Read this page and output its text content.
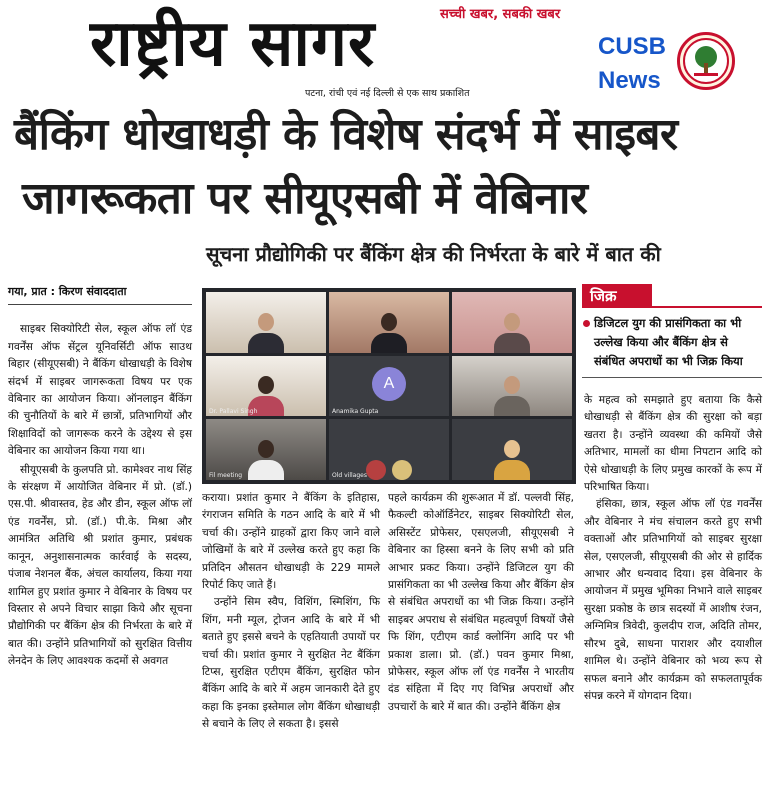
सच्ची खबर, सबकी खबर
राष्ट्रीय सागर
पटना, रांची एवं नई दिल्ली से एक साथ प्रकाशित
CUSB
News
बैंकिंग धोखाधड़ी के विशेष संदर्भ में साइबर
जागरूकता पर सीयूएसबी में वेबिनार
सूचना प्रौद्योगिकी पर बैंकिंग क्षेत्र की निर्भरता के बारे में बात की
गया, प्रात : किरण संवाददाता

साइबर सिक्योरिटी सेल, स्कूल ऑफ लॉ एंड गवर्नेंस ऑफ सेंट्रल यूनिवर्सिटी ऑफ साउथ बिहार (सीयूएसबी) ने बैंकिंग धोखाधड़ी के विशेष संदर्भ में साइबर जागरूकता विषय पर एक वेबिनार का आयोजन किया। ऑनलाइन बैंकिंग की चुनौतियों के बारे में छात्रों, प्रतिभागियों और शिक्षाविदों को जागरूक करने के उद्देश्य से इस वेबिनार का आयोजन किया गया था।

सीयूएसबी के कुलपति प्रो. कामेश्वर नाथ सिंह के संरक्षण में आयोजित वेबिनार में प्रो. (डॉ.) एस.पी. श्रीवास्तव, हेड और डीन, स्कूल ऑफ लॉ एंड गवर्नेंस, प्रो. (डॉ.) पी.के. मिश्रा और आमंत्रित अतिथि श्री प्रशांत कुमार, प्रबंधक कानून, अनुशासनात्मक कार्रवाई के सदस्य, पंजाब नेशनल बैंक, अंचल कार्यालय, किया गया शामिल हुए प्रशांत कुमार ने वेबिनार के विषय पर विस्तार से अपने विचार साझा किये और सूचना प्रौद्योगिकी पर बैंकिंग क्षेत्र की निर्भरता के बारे में बात की। उन्होंने प्रतिभागियों को सुरक्षित वित्तीय लेनदेन के लिए आवश्यक कदमों से अवगत

Dr. Pallavi Singh
A
Anamika Gupta
Fil meeting	Old villages

कराया। प्रशांत कुमार ने बैंकिंग के इतिहास, रंगराजन समिति के गठन आदि के बारे में भी चर्चा की। उन्होंने ग्राहकों द्वारा किए जाने वाले जोखिमों के बारे में उल्लेख करते हुए कहा कि प्रतिदिन औसतन धोखाधड़ी के 229 मामले रिपोर्ट किए जाते हैं।

उन्होंने सिम स्वैप, विशिंग, स्मिशिंग, फि शिंग, मनी म्यूल, ट्रोजन आदि के बारे में भी बताते हुए इससे बचने के एहतियाती उपायों पर चर्चा की। प्रशांत कुमार ने सुरक्षित नेट बैंकिंग टिप्स, सुरक्षित एटीएम बैंकिंग, सुरक्षित फोन बैंकिंग आदि के बारे में अहम जानकारी देते हुए कहा कि इनका इस्तेमाल लोग बैंकिंग धोखाधड़ी से बचाने के लिए ले सकता है। इससे

पहले कार्यक्रम की शुरूआत में डॉ. पल्लवी सिंह, फैकल्टी कोऑर्डिनेटर, साइबर सिक्योरिटी सेल, असिस्टेंट प्रोफेसर, एसएलजी, सीयूएसबी ने वेबिनार का हिस्सा बनने के लिए सभी को प्रति आभार प्रकट किया। उन्होंने डिजिटल युग की प्रासंगिकता का भी उल्लेख किया और बैंकिंग क्षेत्र से संबंधित अपराधों का भी जिक्र किया। उन्होंने साइबर अपराध से संबंधित महत्वपूर्ण विषयों जैसे फि शिंग, एटीएम कार्ड क्लोनिंग आदि पर भी प्रकाश डाला। प्रो. (डॉ.) पवन कुमार मिश्रा, प्रोफेसर, स्कूल ऑफ लॉ एंड गवर्नेंस ने भारतीय दंड संहिता में दिए गए विभिन्न अपराधों और उपचारों के बारे में बात की। उन्होंने बैंकिंग क्षेत्र

जिक्र
डिजिटल युग की प्रासंगिकता का भी उल्लेख किया और बैंकिंग क्षेत्र से संबंधित अपराधों का भी जिक्र किया

के महत्व को समझाते हुए बताया कि कैसे धोखाधड़ी से बैंकिंग क्षेत्र की सुरक्षा को बड़ा खतरा है। उन्होंने व्यवस्था की कमियों जैसे अतिभार, मामलों का धीमा निपटान आदि को ऐसे धोखाधड़ी के लिए प्रमुख कारकों के रूप में परिभाषित किया।

हंसिका, छात्र, स्कूल ऑफ लॉ एंड गवर्नेंस और वेबिनार ने मंच संचालन करते हुए सभी वक्ताओं और प्रतिभागियों को साइबर सुरक्षा सेल, एसएलजी, सीयूएसबी की ओर से हार्दिक आभार और धन्यवाद दिया। इस वेबिनार के आयोजन में प्रमुख भूमिका निभाने वाले साइबर सुरक्षा प्रकोष्ठ के छात्र सदस्यों में आशीष रंजन, अग्निमित्र त्रिवेदी, कुलदीप राज, अदिति तोमर, सौरभ दुबे, साधना पाराशर और दयाशील शामिल थे। उन्होंने वेबिनार को भव्य रूप से सफल बनाने और कार्यक्रम को सफलतापूर्वक संपन्न करने में योगदान दिया।
